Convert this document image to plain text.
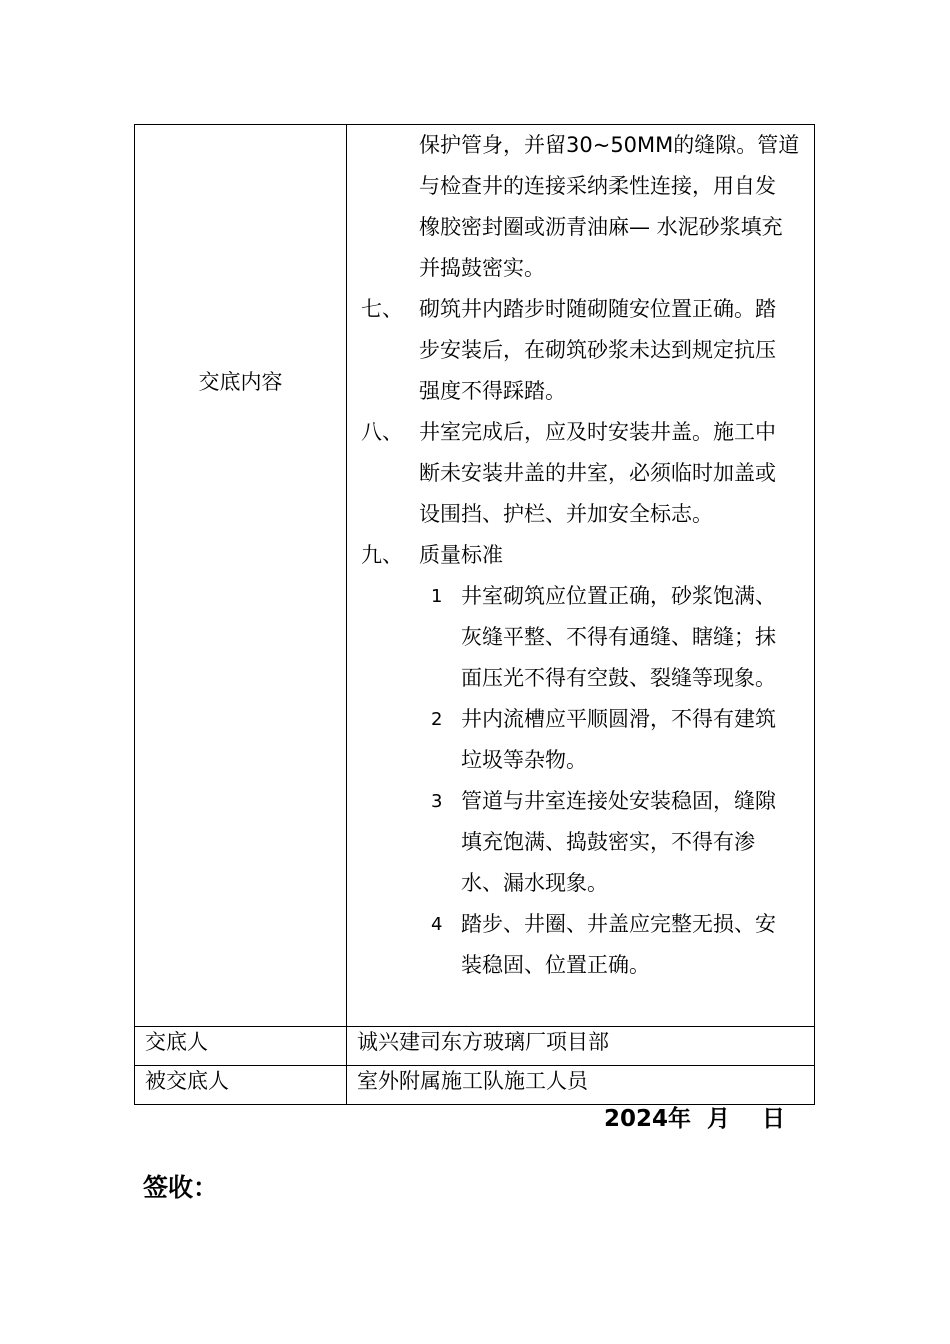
交底内容
保护管身，并留30~50MM的缝隙。管道
与检查井的连接采纳柔性连接，用自发
橡胶密封圈或沥青油麻— 水泥砂浆填充
并捣鼓密实。
七、 砌筑井内踏步时随砌随安位置正确。踏
步安装后，在砌筑砂浆未达到规定抗压
强度不得踩踏。
八、 井室完成后，应及时安装井盖。施工中
断未安装井盖的井室，必须临时加盖或
设围挡、护栏、并加安全标志。
九、 质量标准
1 井室砌筑应位置正确，砂浆饱满、
灰缝平整、不得有通缝、瞎缝；抹
面压光不得有空鼓、裂缝等现象。
2 井内流槽应平顺圆滑，不得有建筑
垃圾等杂物。
3 管道与井室连接处安装稳固，缝隙
填充饱满、捣鼓密实，不得有渗
水、漏水现象。
4 踏步、井圈、井盖应完整无损、安
装稳固、位置正确。
交底人	诚兴建司东方玻璃厂项目部
被交底人	室外附属施工队施工人员
2024年  月    日
签收：
